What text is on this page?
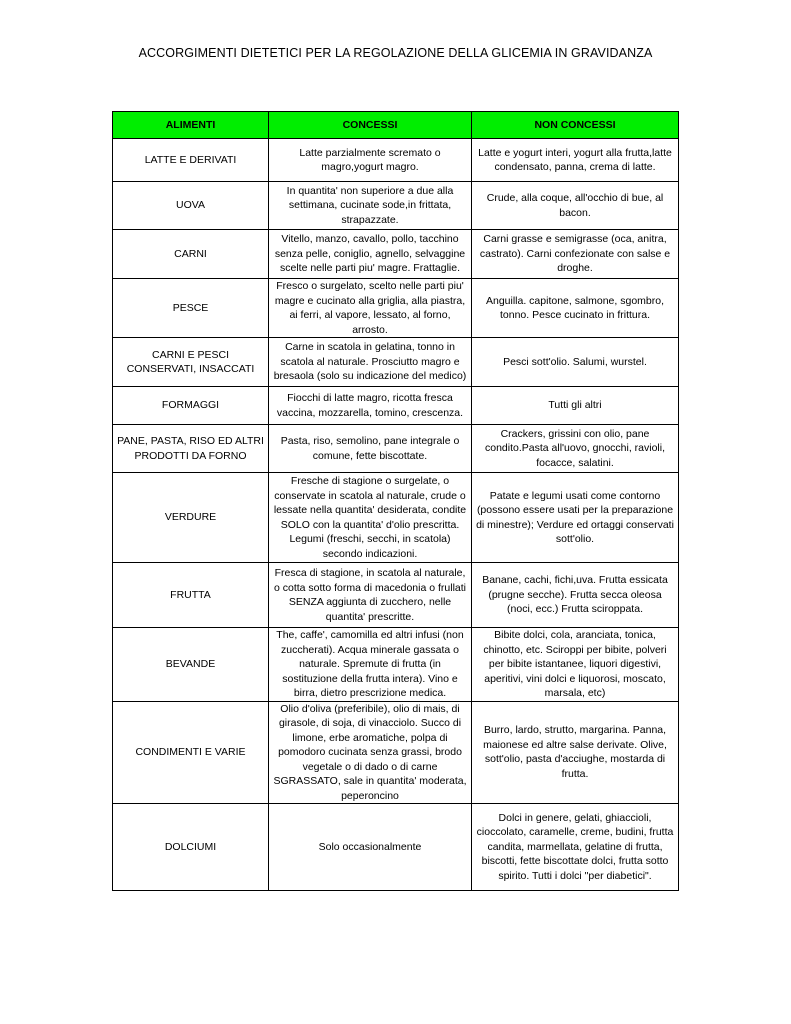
ACCORGIMENTI DIETETICI PER LA REGOLAZIONE DELLA GLICEMIA IN GRAVIDANZA
ALIMENTI	CONCESSI	NON CONCESSI
LATTE E DERIVATI	Latte parzialmente scremato o magro,yogurt magro.	Latte e yogurt interi, yogurt alla frutta,latte condensato, panna, crema di latte.
UOVA	In quantita' non superiore a due alla settimana, cucinate sode,in frittata, strapazzate.	Crude, alla coque, all'occhio di bue, al bacon.
CARNI	Vitello, manzo, cavallo, pollo, tacchino senza pelle, coniglio, agnello, selvaggine scelte nelle parti piu' magre. Frattaglie.	Carni grasse e semigrasse (oca, anitra, castrato). Carni confezionate con salse e droghe.
PESCE	Fresco o surgelato, scelto nelle parti piu' magre e cucinato alla griglia, alla piastra, ai ferri, al vapore, lessato, al forno, arrosto.	Anguilla. capitone, salmone, sgombro, tonno. Pesce cucinato in frittura.
CARNI E PESCI CONSERVATI, INSACCATI	Carne in scatola in gelatina, tonno in scatola al naturale. Prosciutto magro e bresaola (solo su indicazione del medico)	Pesci sott'olio. Salumi, wurstel.
FORMAGGI	Fiocchi di latte magro, ricotta fresca vaccina, mozzarella, tomino, crescenza.	Tutti gli altri
PANE, PASTA, RISO ED ALTRI PRODOTTI DA FORNO	Pasta, riso, semolino, pane integrale o comune, fette biscottate.	Crackers, grissini con olio, pane condito.Pasta all'uovo, gnocchi, ravioli, focacce, salatini.
VERDURE	Fresche di stagione o surgelate, o conservate in scatola al naturale, crude o lessate nella quantita' desiderata, condite SOLO con la quantita' d'olio prescritta. Legumi (freschi, secchi, in scatola) secondo indicazioni.	Patate e legumi usati come contorno (possono essere usati per la preparazione di minestre); Verdure ed ortaggi conservati sott'olio.
FRUTTA	Fresca di stagione, in scatola al naturale, o cotta sotto forma di macedonia o frullati SENZA aggiunta di zucchero, nelle quantita' prescritte.	Banane, cachi, fichi,uva. Frutta essicata (prugne secche). Frutta secca oleosa (noci, ecc.) Frutta sciroppata.
BEVANDE	The, caffe', camomilla ed altri infusi (non zuccherati). Acqua minerale gassata o naturale. Spremute di frutta (in sostituzione della frutta intera). Vino e birra, dietro prescrizione medica.	Bibite dolci, cola, aranciata, tonica, chinotto, etc. Sciroppi per bibite, polveri per bibite istantanee, liquori digestivi, aperitivi, vini dolci e liquorosi, moscato, marsala, etc)
CONDIMENTI E VARIE	Olio d'oliva (preferibile), olio di mais, di girasole, di soja, di vinacciolo. Succo di limone, erbe aromatiche, polpa di pomodoro cucinata senza grassi, brodo vegetale o di dado o di carne SGRASSATO, sale in quantita' moderata, peperoncino	Burro, lardo, strutto, margarina. Panna, maionese ed altre salse derivate. Olive, sott'olio, pasta d'acciughe, mostarda di frutta.
DOLCIUMI	Solo occasionalmente	Dolci in genere, gelati, ghiaccioli, cioccolato, caramelle, creme, budini, frutta candita, marmellata, gelatine di frutta, biscotti, fette biscottate dolci, frutta sotto spirito. Tutti i dolci "per diabetici".
